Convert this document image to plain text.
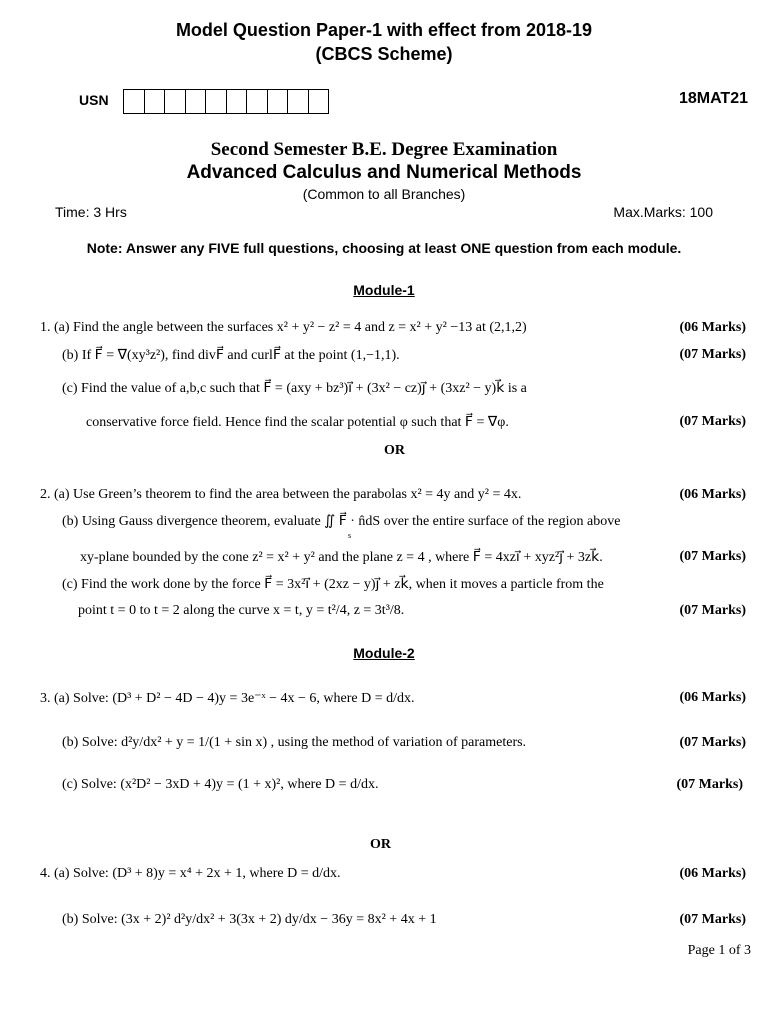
Model Question Paper-1 with effect from 2018-19
(CBCS Scheme)
USN	18MAT21
Second Semester B.E. Degree Examination
Advanced Calculus and Numerical Methods
(Common to all Branches)
Time: 3 Hrs	Max.Marks: 100
Note: Answer any FIVE full questions, choosing at least ONE question from each module.
Module-1
1. (a) Find the angle between the surfaces x² + y² − z² = 4 and z = x² + y² −13 at (2,1,2)	(06 Marks)
(b) If F⃗ = ∇(xy³z²), find divF⃗ and curlF⃗ at the point (1,−1,1).	(07 Marks)
(c) Find the value of a,b,c such that F⃗ = (axy + bz³)i⃗ + (3x² − cz)j⃗ + (3xz² − y)k⃗ is a
conservative force field. Hence find the scalar potential φ such that F⃗ = ∇φ.	(07 Marks)
OR
2. (a) Use Green’s theorem to find the area between the parabolas x² = 4y and y² = 4x.	(06 Marks)
(b) Using Gauss divergence theorem, evaluate ∬ F⃗ · n̂dS over the entire surface of the region above
s
xy-plane bounded by the cone z² = x² + y² and the plane z = 4 , where F⃗ = 4xzi⃗ + xyz²j⃗ + 3zk⃗.	(07 Marks)
(c) Find the work done by the force F⃗ = 3x²i⃗ + (2xz − y)j⃗ + zk⃗, when it moves a particle from the
point t = 0 to t = 2 along the curve x = t, y = t²/4, z = 3t³/8.	(07 Marks)
Module-2
3. (a) Solve: (D³ + D² − 4D − 4)y = 3e⁻ˣ − 4x − 6, where D = d/dx.	(06 Marks)
(b) Solve: d²y/dx² + y = 1/(1 + sin x) , using the method of variation of parameters.	(07 Marks)
(c) Solve: (x²D² − 3xD + 4)y = (1 + x)², where D = d/dx.	(07 Marks)
OR
4. (a) Solve: (D³ + 8)y = x⁴ + 2x + 1, where D = d/dx.	(06 Marks)
(b) Solve: (3x + 2)² d²y/dx² + 3(3x + 2) dy/dx − 36y = 8x² + 4x + 1	(07 Marks)
Page 1 of 3
